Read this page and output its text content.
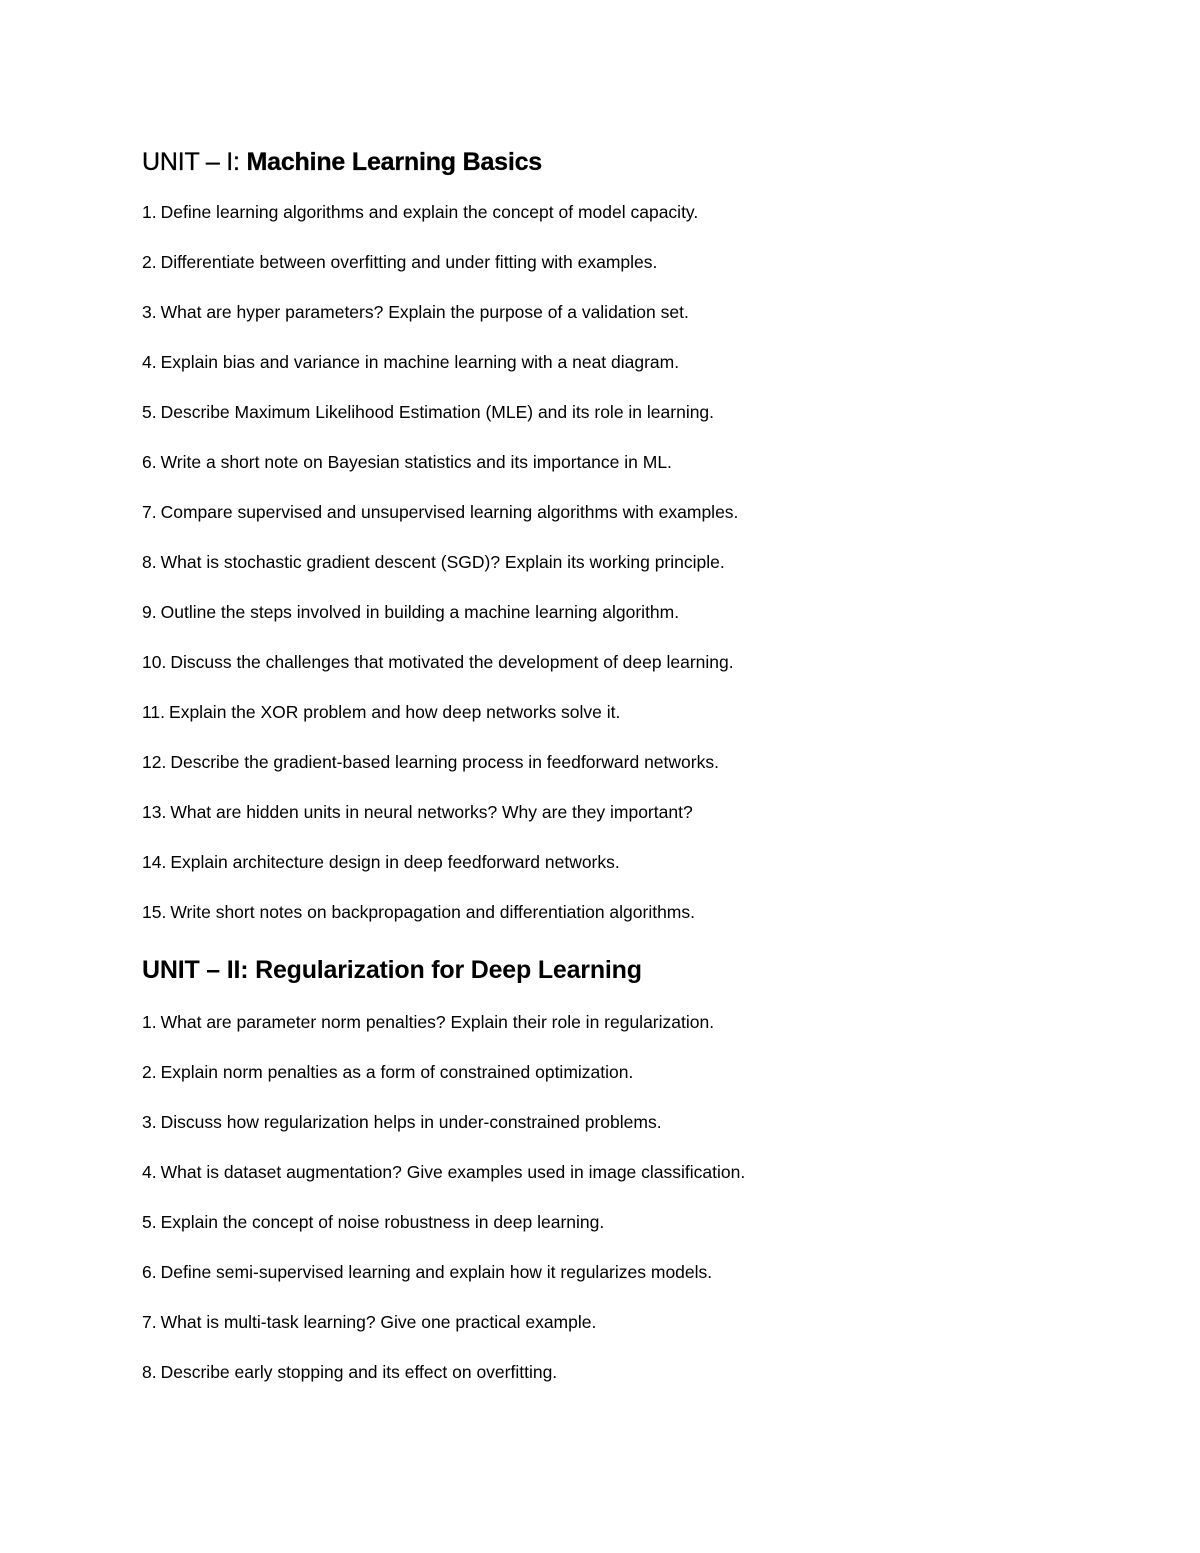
UNIT – I: Machine Learning Basics
1. Define learning algorithms and explain the concept of model capacity.
2. Differentiate between overfitting and under fitting with examples.
3. What are hyper parameters? Explain the purpose of a validation set.
4. Explain bias and variance in machine learning with a neat diagram.
5. Describe Maximum Likelihood Estimation (MLE) and its role in learning.
6. Write a short note on Bayesian statistics and its importance in ML.
7. Compare supervised and unsupervised learning algorithms with examples.
8. What is stochastic gradient descent (SGD)? Explain its working principle.
9. Outline the steps involved in building a machine learning algorithm.
10. Discuss the challenges that motivated the development of deep learning.
11. Explain the XOR problem and how deep networks solve it.
12. Describe the gradient-based learning process in feedforward networks.
13. What are hidden units in neural networks? Why are they important?
14. Explain architecture design in deep feedforward networks.
15. Write short notes on backpropagation and differentiation algorithms.
UNIT – II: Regularization for Deep Learning
1. What are parameter norm penalties? Explain their role in regularization.
2. Explain norm penalties as a form of constrained optimization.
3. Discuss how regularization helps in under-constrained problems.
4. What is dataset augmentation? Give examples used in image classification.
5. Explain the concept of noise robustness in deep learning.
6. Define semi-supervised learning and explain how it regularizes models.
7. What is multi-task learning? Give one practical example.
8. Describe early stopping and its effect on overfitting.
